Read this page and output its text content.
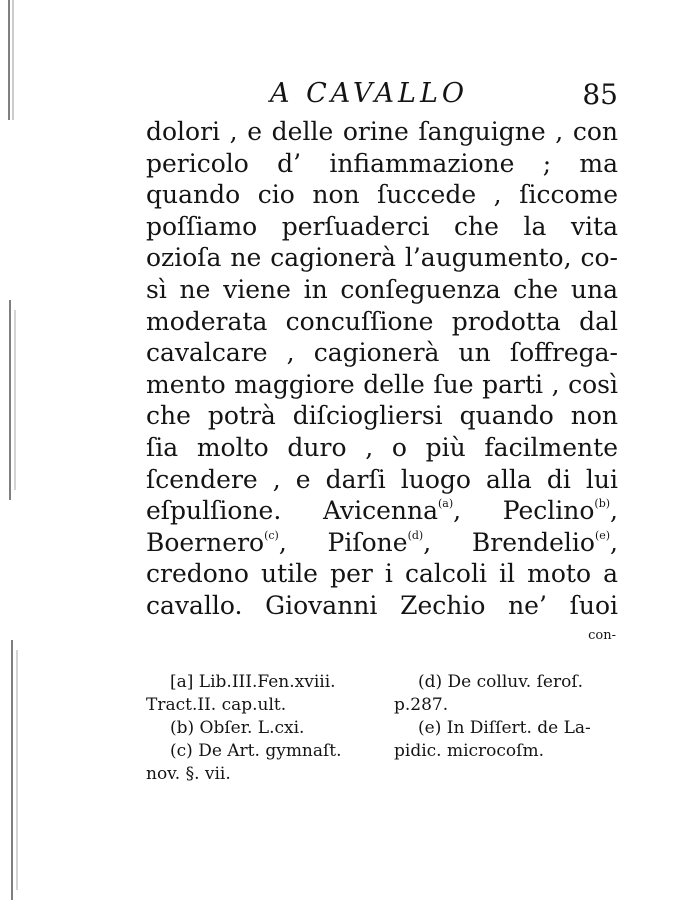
A CAVALLO	85
dolori , e delle orine ſanguigne , con
pericolo d’ infiammazione ; ma
quando cio non ſuccede , ſiccome
poſſiamo perſuaderci che la vita
ozioſa ne cagionerà l’augumento, co-
sì ne viene in conſeguenza che una
moderata concuſſione prodotta dal
cavalcare , cagionerà un ſoffrega-
mento maggiore delle ſue parti , così
che potrà diſciogliersi quando non
ſia molto duro , o più facilmente
ſcendere , e darſi luogo alla di lui
eſpulſione. Avicenna$^{(a)}$, Peclino$^{(b)}$,
Boernero$^{(c)}$, Piſone$^{(d)}$, Brendelio$^{(e)}$,
credono utile per i calcoli il moto a
cavallo. Giovanni Zechio ne’ ſuoi
con-
[a] Lib.III.Fen.xviii.
Tract.II. cap.ult.
(b) Obſer. L.cxi.
(c) De Art. gymnaſt.
nov. §. vii.
(d) De colluv. ſeroſ.
p.287.
(e) In Diſſert. de La-
pidic. microcoſm.
